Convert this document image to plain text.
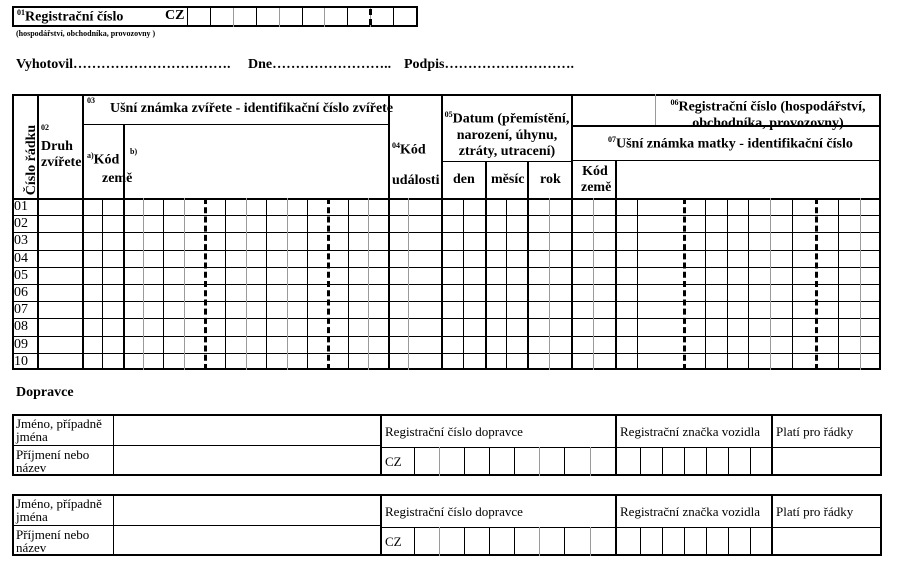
$^{01}$Registrační číslo	CZ
(hospodářství, obchodníka, provozovny )
Vyhotovil……………………………. Dne…………………….. Podpis……………………….
Číslo řádku 02
Druh
zvířete
03
Ušní známka zvířete - identifikační číslo zvířete
$^{a)}$Kód
země
b)
$^{04}$Kód
události
$^{05}$Datum (přemístění,
narození, úhynu,
ztráty, utracení)
den měsíc rok
$^{06}$Registrační číslo (hospodářství,
obchodníka, provozovny)
$^{07}$Ušní známka matky - identifikační číslo
Kód
země
01
02
03
04
05
06
07
08
09
10
Dopravce
Jméno, případně
jména
Příjmení nebo
název
Registrační číslo dopravce
CZ
Registrační značka vozidla Platí pro řádky
Jméno, případně
jména
Příjmení nebo
název
Registrační číslo dopravce
CZ
Registrační značka vozidla Platí pro řádky
